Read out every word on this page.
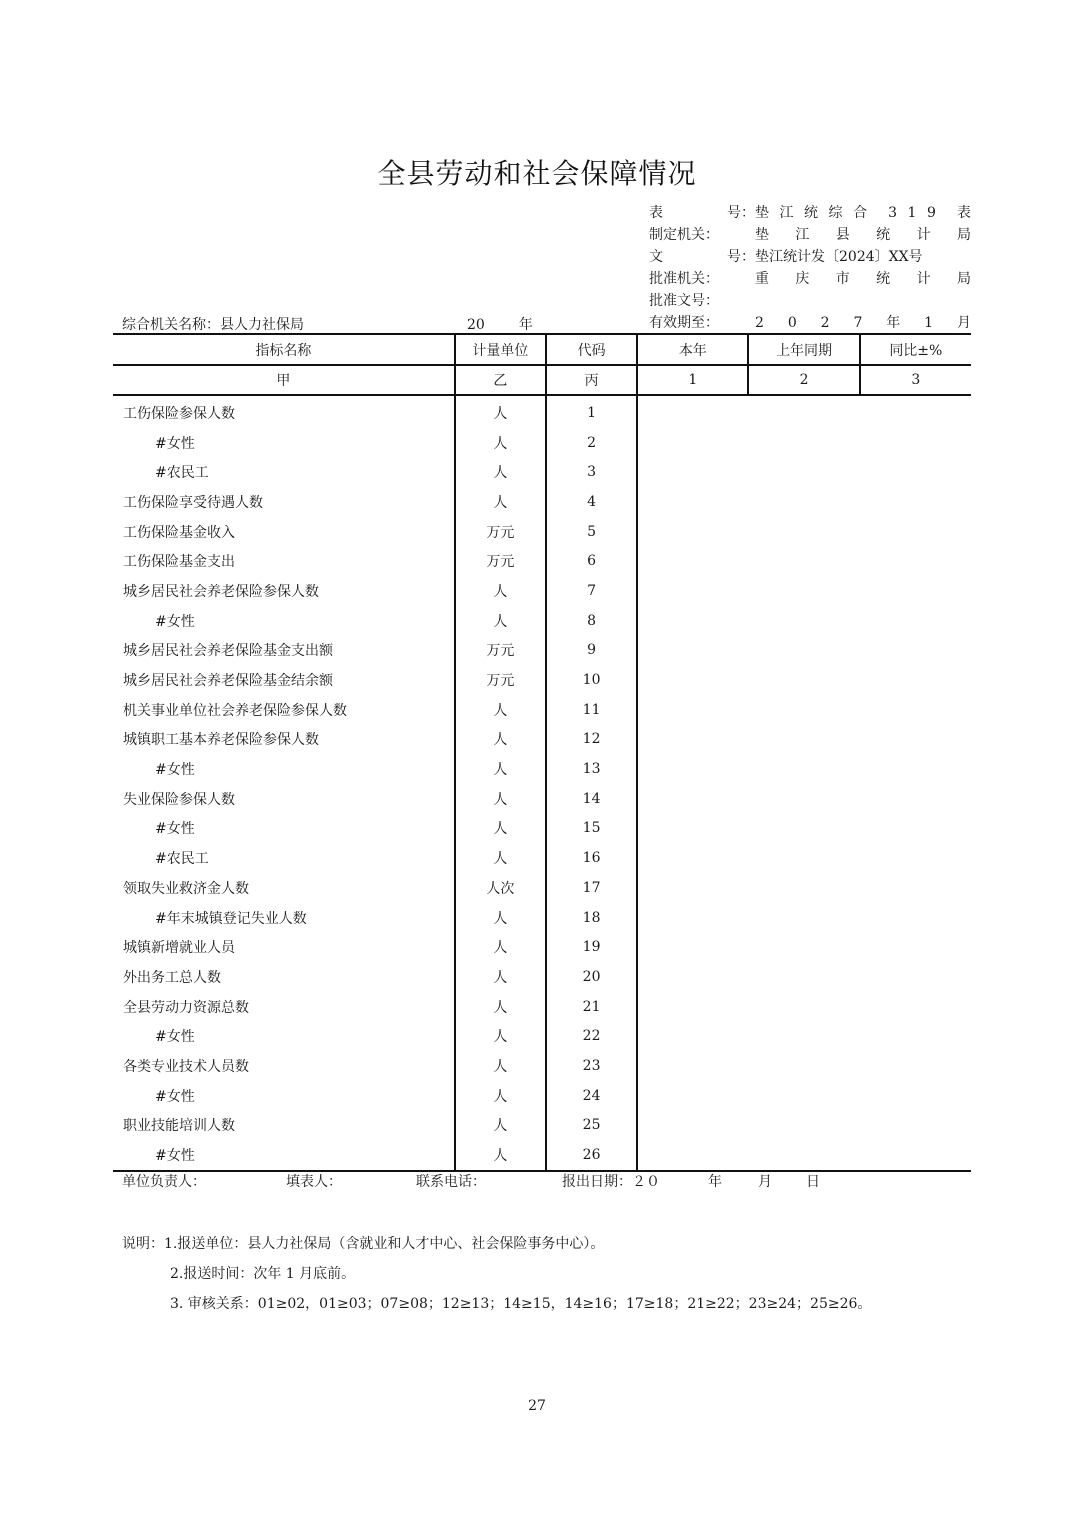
全县劳动和社会保障情况
表	号： 垫 江 统 综 合 3 1 9 表
制定机关：	垫 江 县 统 计 局
文	号： 垫江统计发〔2024〕XX号
批准机关：	重 庆 市 统 计 局
批准文号：
有效期至：	2 0 2 7 年 1 月
综合机关名称：县人力社保局	20 年
指标名称	计量单位	代码	本年	上年同期	同比±%
甲	乙	丙	1	2	3
工伤保险参保人数	人	1			
#女性	人	2			
#农民工	人	3			
工伤保险享受待遇人数	人	4			
工伤保险基金收入	万元	5			
工伤保险基金支出	万元	6			
城乡居民社会养老保险参保人数	人	7			
#女性	人	8			
城乡居民社会养老保险基金支出额	万元	9			
城乡居民社会养老保险基金结余额	万元	10			
机关事业单位社会养老保险参保人数	人	11			
城镇职工基本养老保险参保人数	人	12			
#女性	人	13			
失业保险参保人数	人	14			
#女性	人	15			
#农民工	人	16			
领取失业救济金人数	人次	17			
#年末城镇登记失业人数	人	18			
城镇新增就业人员	人	19			
外出务工总人数	人	20			
全县劳动力资源总数	人	21			
#女性	人	22			
各类专业技术人员数	人	23			
#女性	人	24			
职业技能培训人数	人	25			
#女性	人	26			
单位负责人：	填表人：	联系电话：	报出日期：２０	年	月 日
说明：1.报送单位：县人力社保局（含就业和人才中心、社会保险事务中心）。
2.报送时间：次年 1 月底前。
3. 审核关系：01≥02，01≥03；07≥08；12≥13；14≥15，14≥16；17≥18；21≥22；23≥24；25≥26。
27
